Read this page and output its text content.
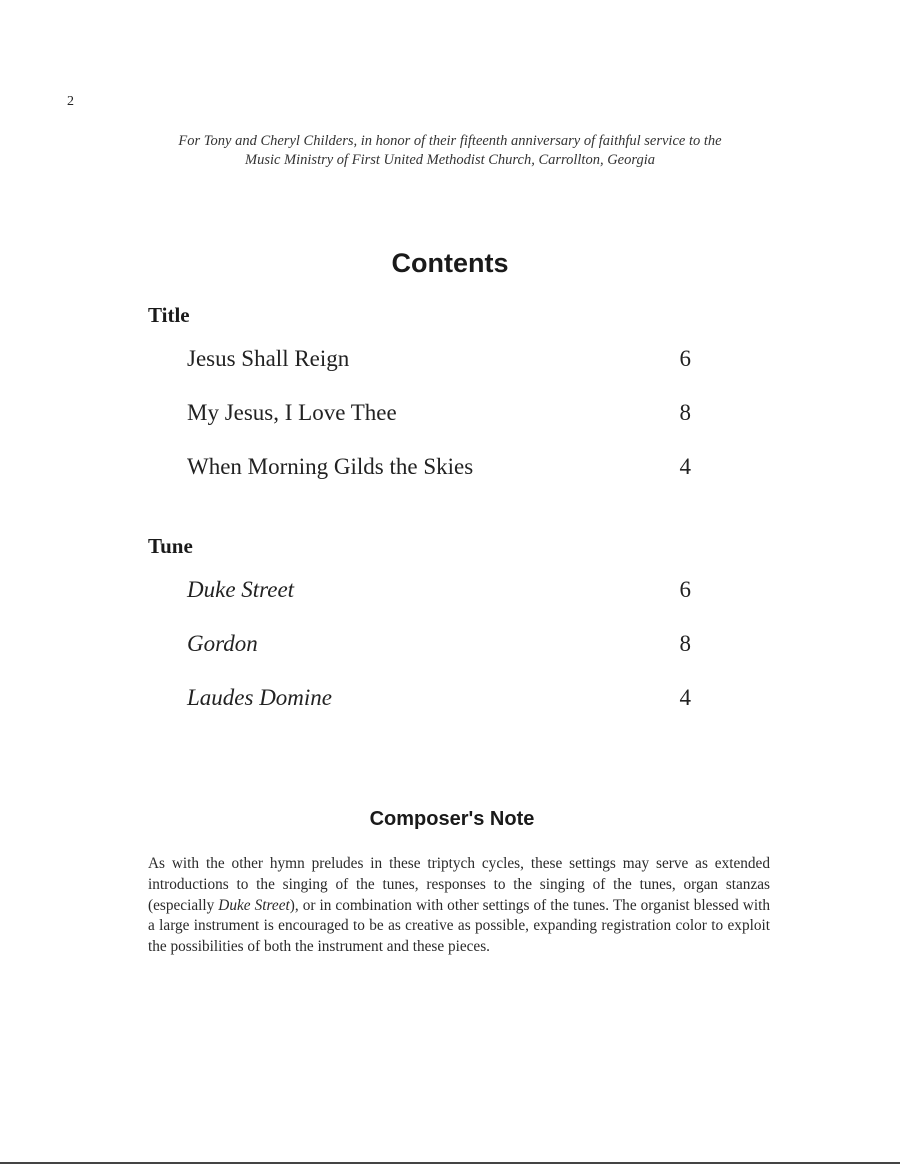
2
For Tony and Cheryl Childers, in honor of their fifteenth anniversary of faithful service to the
Music Ministry of First United Methodist Church, Carrollton, Georgia
Contents
Title
Jesus Shall Reign	6
My Jesus, I Love Thee	8
When Morning Gilds the Skies	4
Tune
Duke Street	6
Gordon	8
Laudes Domine	4
Composer's Note
As with the other hymn preludes in these triptych cycles, these settings may serve as extended introductions to the singing of the tunes, responses to the singing of the tunes, organ stanzas (especially Duke Street), or in combination with other settings of the tunes. The organist blessed with a large instrument is encouraged to be as creative as possible, expanding registration color to exploit the possibilities of both the instrument and these pieces.
